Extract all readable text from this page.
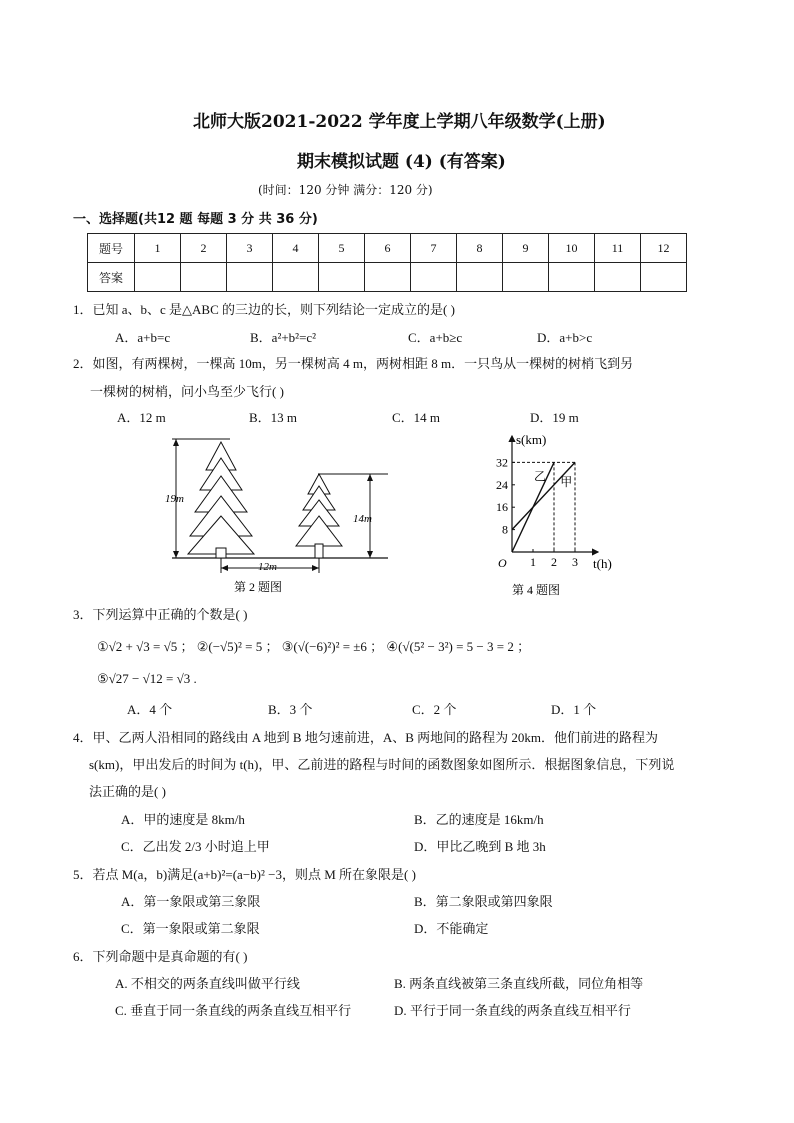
北师大版2021-2022 学年度上学期八年级数学(上册)
期末模拟试题 (4) (有答案)
(时间：120 分钟 满分：120 分)
一、选择题(共12 题 每题 3 分 共 36 分)
题号	1	2	3	4	5	6	7	8	9	10	11	12
答案												
1．已知 a、b、c 是△ABC 的三边的长，则下列结论一定成立的是( )
A．a+b=c	B．a²+b²=c²	C．a+b≥c	D．a+b>c
2．如图，有两棵树，一棵高 10m，另一棵树高 4 m，两树相距 8 m．一只鸟从一棵树的树梢飞到另
一棵树的树梢，问小鸟至少飞行( )
A．12 m	B．13 m	C．14 m	D．19 m
19m
14m
12m
第 2 题图
s(km)
t(h)
O
32
24
16
8
1 2 3
乙 甲
第 4 题图
3．下列运算中正确的个数是( )
①√2 + √3 = √5 ； ②(−√5)² = 5 ； ③(√(−6)²)² = ±6 ； ④(√(5² − 3²) = 5 − 3 = 2 ；
⑤√27 − √12 = √3 .
A．4 个	B．3 个	C．2 个	D．1 个
4．甲、乙两人沿相同的路线由 A 地到 B 地匀速前进，A、B 两地间的路程为 20km．他们前进的路程为
s(km)，甲出发后的时间为 t(h)，甲、乙前进的路程与时间的函数图象如图所示．根据图象信息，下列说
法正确的是( )
A．甲的速度是 8km/h	B．乙的速度是 16km/h
C．乙出发 2/3 小时追上甲	D．甲比乙晚到 B 地 3h
5．若点 M(a，b)满足(a+b)²=(a−b)² −3，则点 M 所在象限是( )
A．第一象限或第三象限	B．第二象限或第四象限
C．第一象限或第二象限	D．不能确定
6．下列命题中是真命题的有( )
A. 不相交的两条直线叫做平行线	B. 两条直线被第三条直线所截，同位角相等
C. 垂直于同一条直线的两条直线互相平行	D. 平行于同一条直线的两条直线互相平行
